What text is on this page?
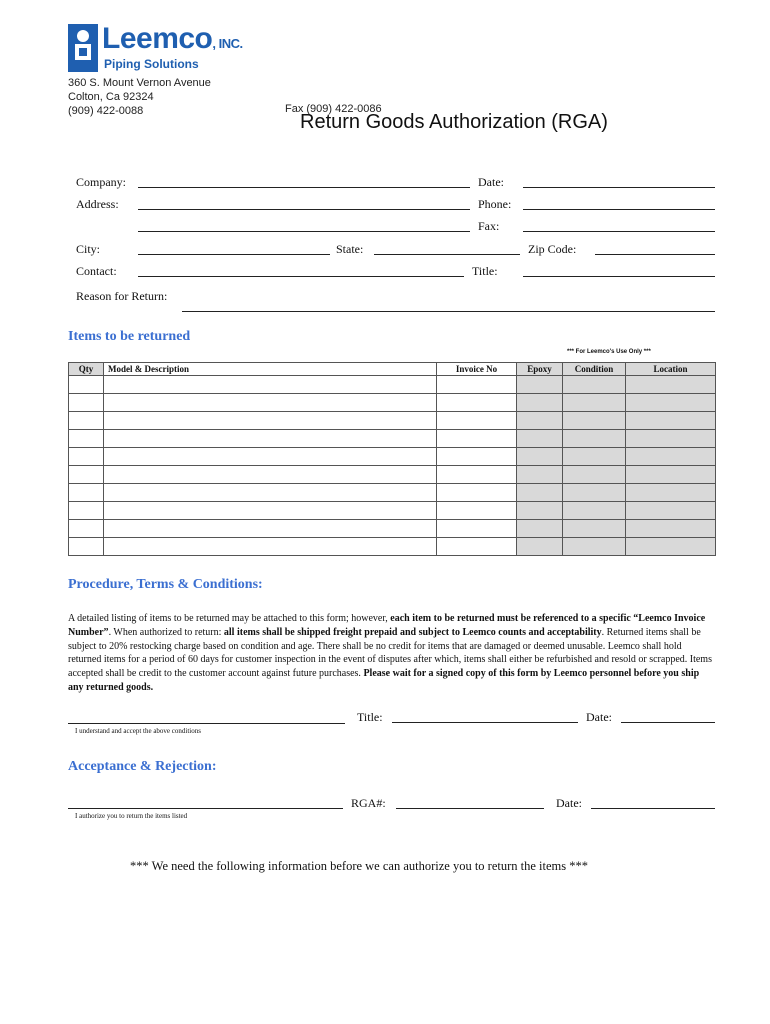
Leemco, INC.
Piping Solutions
360 S. Mount Vernon Avenue
Colton, Ca 92324
(909) 422-0088	Fax (909) 422-0086
Return Goods Authorization (RGA)
Company:	Date:
Address:	Phone:
Fax:
City:	State:	Zip Code:
Contact:	Title:
Reason for Return:
Items to be returned
*** For Leemco's Use Only ***
Qty	Model & Description	Invoice No	Epoxy	Condition	Location

Procedure, Terms & Conditions:
A detailed listing of items to be returned may be attached to this form; however, each item to be returned must be referenced to a specific “Leemco Invoice Number”. When authorized to return: all items shall be shipped freight prepaid and subject to Leemco counts and acceptability. Returned items shall be subject to 20% restocking charge based on condition and age. There shall be no credit for items that are damaged or deemed unusable. Leemco shall hold returned items for a period of 60 days for customer inspection in the event of disputes after which, items shall either be refurbished and resold or scrapped. Items accepted shall be credit to the customer account against future purchases. Please wait for a signed copy of this form by Leemco personnel before you ship any returned goods.
Title:	Date:
I understand and accept the above conditions
Acceptance & Rejection:
RGA#:	Date:
I authorize you to return the items listed
*** We need the following information before we can authorize you to return the items ***
